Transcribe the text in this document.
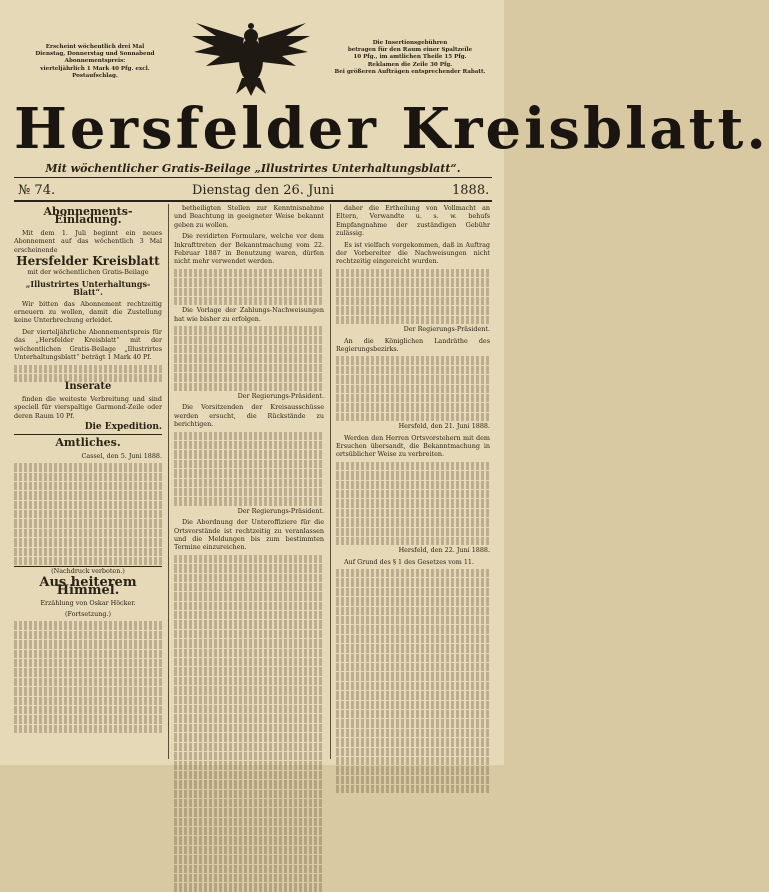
Erscheint wöchentlich drei Mal
Dienstag, Donnerstag und Sonnabend
Abonnementspreis:
vierteljährlich 1 Mark 40 Pfg. excl.
Postaufschlag.
Die Insertionsgebühren
betragen für den Raum einer Spaltzeile
10 Pfg., im amtlichen Theile 15 Pfg.
Reklamen die Zeile 30 Pfg.
Bei größeren Aufträgen entsprechender Rabatt.
Hersfelder Kreisblatt.
Mit wöchentlicher Gratis-Beilage „Illustrirtes Unterhaltungsblatt“.
№ 74.	Dienstag den 26. Juni	1888.
Abonnements-Einladung.

Mit dem 1. Juli beginnt ein neues Abonnement auf das wöchentlich 3 Mal erscheinende

Hersfelder Kreisblatt

mit der wöchentlichen Gratis-Beilage

„Illustrirtes Unterhaltungs-Blatt“.

Wir bitten das Abonnement rechtzeitig erneuern zu wollen, damit die Zustellung keine Unterbrechung erleidet.

Der vierteljährliche Abonnementspreis für das „Hersfelder Kreisblatt“ mit der wöchentlichen Gratis-Beilage „Illustrirtes Unterhaltungsblatt“ beträgt 1 Mark 40 Pf.

Inserate

finden die weiteste Verbreitung und sind speciell für vierspaltige Garmond-Zeile oder deren Raum 10 Pf.

Die Expedition.

Amtliches.

Cassel, den 5. Juni 1888.

(Nachdruck verboten.)

Aus heiterem Himmel.

Erzählung von Oskar Höcker.

(Fortsetzung.)

betheiligten Stellen zur Kenntnisnahme und Beachtung in geeigneter Weise bekannt geben zu wollen.

Die revidirten Formulare, welche vor dem Inkrafttreten der Bekanntmachung vom 22. Februar 1887 in Benutzung waren, dürfen nicht mehr verwendet werden.

Die Vorlage der Zahlungs-Nachweisungen hat wie bisher zu erfolgen.

Der Regierungs-Präsident.

Die Vorsitzenden der Kreisausschüsse werden ersucht, die Rückstände zu berichtigen.

Der Regierungs-Präsident.

Die Abordnung der Unteroffiziere für die Ortsvorstände ist rechtzeitig zu veranlassen und die Meldungen bis zum bestimmten Termine einzureichen.

daher die Ertheilung von Vollmacht an Eltern, Verwandte u. s. w. behufs Empfangnahme der zuständigen Gebühr zulässig.

Es ist vielfach vorgekommen, daß in Auftrag der Vorbereiter die Nachweisungen nicht rechtzeitig eingereicht wurden.

Der Regierungs-Präsident.

An die Königlichen Landräthe des Regierungsbezirks.

Hersfeld, den 21. Juni 1888.

Werden den Herren Ortsvorstehern mit dem Ersuchen übersandt, die Bekanntmachung in ortsüblicher Weise zu verbreiten.

Hersfeld, den 22. Juni 1888.

Auf Grund des § 1 des Gesetzes vom 11.
